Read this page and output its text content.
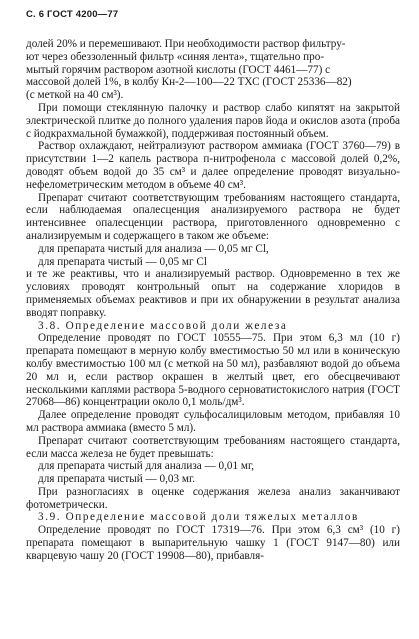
С. 6 ГОСТ 4200—77

долей 20% и перемешивают. При необходимости раствор фильтру-

ют через обеззоленный фильтр «синяя лента», тщательно про-

мытый горячим раствором азотной кислоты (ГОСТ 4461—77) с

массовой долей 1%, в колбу Кн-2—100—22 ТХС (ГОСТ 25336—82)

(с меткой на 40 см³).

При помощи стеклянную палочку и раствор слабо кипятят на закрытой электрической плитке до полного удаления паров йода и окислов азота (проба с йодкрахмальной бумажкой), поддерживая постоянный объем.

Раствор охлаждают, нейтрализуют раствором аммиака (ГОСТ 3760—79) в присутствии 1—2 капель раствора п-нитрофенола с массовой долей 0,2%, доводят объем водой до 35 см³ и далее определение проводят визуально-нефелометрическим методом в объеме 40 см³.

Препарат считают соответствующим требованиям настоящего стандарта, если наблюдаемая опалесценция анализируемого раствора не будет интенсивнее опалесценции раствора, приготовленного одновременно с анализируемым и содержащего в таком же объеме:

для препарата чистый для анализа — 0,05 мг Cl,

для препарата чистый — 0,05 мг Cl

и те же реактивы, что и анализируемый раствор. Одновременно в тех же условиях проводят контрольный опыт на содержание хлоридов в применяемых объемах реактивов и при их обнаружении в результат анализа вводят поправку.

3.8. Определение массовой доли железа

Определение проводят по ГОСТ 10555—75. При этом 6,3 мл (10 г) препарата помещают в мерную колбу вместимостью 50 мл или в коническую колбу вместимостью 100 мл (с меткой на 50 мл), разбавляют водой до объема 20 мл и, если раствор окрашен в желтый цвет, его обесцвечивают несколькими каплями раствора 5-водного серноватистокислого натрия (ГОСТ 27068—86) концентрации около 0,1 моль/дм³.

Далее определение проводят сульфосалициловым методом, прибавляя 10 мл раствора аммиака (вместо 5 мл).

Препарат считают соответствующим требованиям настоящего стандарта, если масса железа не будет превышать:

для препарата чистый для анализа — 0,01 мг,

для препарата чистый — 0,03 мг.

При разногласиях в оценке содержания железа анализ заканчивают фотометрически.

3.9. Определение массовой доли тяжелых металлов

Определение проводят по ГОСТ 17319—76. При этом 6,3 см³ (10 г) препарата помещают в выпарительную чашку 1 (ГОСТ 9147—80) или кварцевую чашу 20 (ГОСТ 19908—80), прибавля-
